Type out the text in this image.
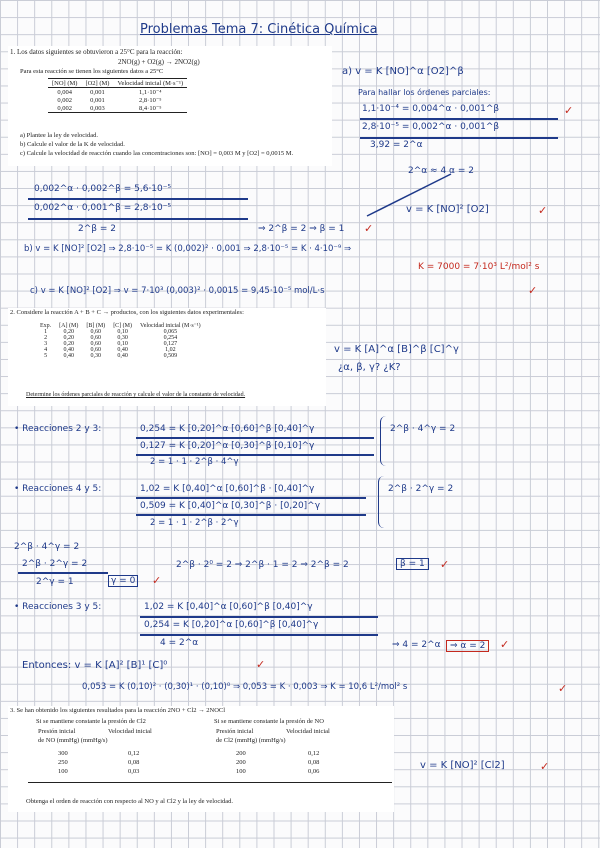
Problemas Tema 7: Cinética Química
1. Los datos siguientes se obtuvieron a 25°C para la reacción:
2NO(g) + O2(g) → 2NO2(g)
Para esta reacción se tienen los siguientes datos a 25°C
[NO] (M)	[O2] (M)	Velocidad inicial (M·s⁻¹)
0,004	0,001	1,1·10⁻⁴
0,002	0,001	2,8·10⁻⁵
0,002	0,003	8,4·10⁻⁵
a) Plantee la ley de velocidad.
b) Calcule el valor de la K de velocidad.
c) Calcule la velocidad de reacción cuando las concentraciones son: [NO] = 0,003 M y [O2] = 0,0015 M.
a) v = K [NO]^α [O2]^β
Para hallar los órdenes parciales:
1,1·10⁻⁴ = 0,004^α · 0,001^β	✓
2,8·10⁻⁵ = 0,002^α · 0,001^β
3,92 = 2^α
2^α ≈ 4 α = 2
v = K [NO]² [O2]	✓
0,002^α · 0,002^β = 5,6·10⁻⁵
0,002^α · 0,001^β = 2,8·10⁻⁵
2^β = 2	⇒ 2^β = 2 ⇒ β = 1 ✓
b) v = K [NO]² [O2] ⇒ 2,8·10⁻⁵ = K (0,002)² · 0,001 ⇒ 2,8·10⁻⁵ = K · 4·10⁻⁹ ⇒
K = 7000 = 7·10³ L²/mol² s
c) v = K [NO]² [O2] ⇒ v = 7·10³ (0,003)² · 0,0015 = 9,45·10⁻⁵ mol/L·s	✓
2. Considere la reacción A + B + C → productos, con los siguientes datos experimentales:
Exp.	[A] (M)	[B] (M)	[C] (M)	Velocidad inicial (M·s⁻¹)
1	0,20	0,60	0,10	0,065
2	0,20	0,60	0,30	0,254
3	0,20	0,60	0,10	0,127
4	0,40	0,60	0,40	1,02
5	0,40	0,30	0,40	0,509
Determine los órdenes parciales de reacción y calcule el valor de la constante de velocidad.
v = K [A]^α [B]^β [C]^γ
¿α, β, γ? ¿K?
• Reacciones 2 y 3:	0,254 = K [0,20]^α [0,60]^β [0,40]^γ
0,127 = K [0,20]^α [0,30]^β [0,10]^γ
2 = 1 · 1 · 2^β · 4^γ
2^β · 4^γ = 2
• Reacciones 4 y 5:	1,02 = K [0,40]^α [0,60]^β · [0,40]^γ
0,509 = K [0,40]^α [0,30]^β · [0,20]^γ
2 = 1 · 1 · 2^β · 2^γ
2^β · 2^γ = 2
2^β · 4^γ = 2
2^β · 2^γ = 2
2^γ = 1	γ = 0 ✓
2^β · 2⁰ = 2 ⇒ 2^β · 1 = 2 ⇒ 2^β = 2	β = 1	✓
• Reacciones 3 y 5:	1,02 = K [0,40]^α [0,60]^β [0,40]^γ
0,254 = K [0,20]^α [0,60]^β [0,40]^γ
4 = 2^α	⇒ 4 = 2^α	⇒ α = 2	✓
Entonces: v = K [A]² [B]¹ [C]⁰	✓
0,053 = K (0,10)² · (0,30)¹ · (0,10)⁰ ⇒ 0,053 = K · 0,003 ⇒ K = 10,6 L²/mol² s	✓
3. Se han obtenido los siguientes resultados para la reacción 2NO + Cl2 → 2NOCl
Si se mantiene constante la presión de Cl2
Presión inicial	Velocidad inicial
de NO (mmHg) (mmHg/s)
300	0,12
250	0,08
100	0,03
Si se mantiene constante la presión de NO
Presión inicial	Velocidad inicial
de Cl2 (mmHg) (mmHg/s)
200	0,12
200	0,08
100	0,06
Obtenga el orden de reacción con respecto al NO y al Cl2 y la ley de velocidad.
v = K [NO]² [Cl2]	✓
